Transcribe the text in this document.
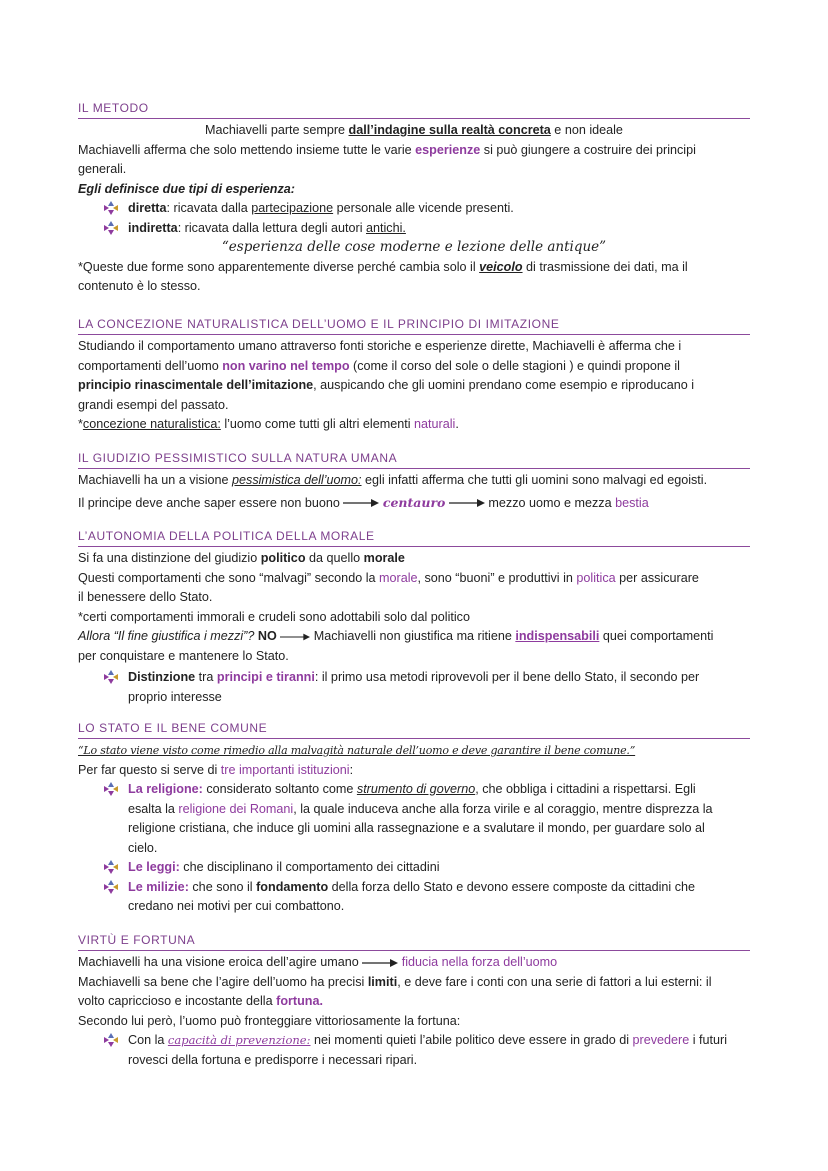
IL METODO
Machiavelli parte sempre dall’indagine sulla realtà concreta e non ideale
Machiavelli afferma che solo mettendo insieme tutte le varie esperienze si può giungere a costruire dei principi
generali.
Egli definisce due tipi di esperienza:
diretta: ricavata dalla partecipazione personale alle vicende presenti.
indiretta: ricavata dalla lettura degli autori antichi.
“esperienza delle cose moderne e lezione delle antique”
*Queste due forme sono apparentemente diverse perché cambia solo il veicolo di trasmissione dei dati, ma il
contenuto è lo stesso.
LA CONCEZIONE NATURALISTICA DELL’UOMO E IL PRINCIPIO DI IMITAZIONE
Studiando il comportamento umano attraverso fonti storiche e esperienze dirette, Machiavelli è afferma che i
comportamenti dell’uomo non varino nel tempo (come il corso del sole o delle stagioni ) e quindi propone il
principio rinascimentale dell’imitazione, auspicando che gli uomini prendano come esempio e riproducano i
grandi esempi del passato.
*concezione naturalistica: l’uomo come tutti gli altri elementi naturali.
IL GIUDIZIO PESSIMISTICO SULLA NATURA UMANA
Machiavelli ha un a visione pessimistica dell’uomo: egli infatti afferma che tutti gli uomini sono malvagi ed egoisti.
Il principe deve anche saper essere non buono	centauro	mezzo uomo e mezza bestia
L’AUTONOMIA DELLA POLITICA DELLA MORALE
Si fa una distinzione del giudizio politico da quello morale
Questi comportamenti che sono “malvagi” secondo la morale, sono “buoni” e produttivi in politica per assicurare
il benessere dello Stato.
*certi comportamenti immorali e crudeli sono adottabili solo dal politico
Allora “Il fine giustifica i mezzi”? NO	Machiavelli non giustifica ma ritiene indispensabili quei comportamenti
per conquistare e mantenere lo Stato.
Distinzione tra principi e tiranni: il primo usa metodi riprovevoli per il bene dello Stato, il secondo per
proprio interesse
LO STATO E IL BENE COMUNE
“Lo stato viene visto come rimedio alla malvagità naturale dell’uomo e deve garantire il bene comune.”
Per far questo si serve di tre importanti istituzioni:
La religione: considerato soltanto come strumento di governo, che obbliga i cittadini a rispettarsi. Egli
esalta la religione dei Romani, la quale induceva anche alla forza virile e al coraggio, mentre disprezza la
religione cristiana, che induce gli uomini alla rassegnazione e a svalutare il mondo, per guardare solo al
cielo.
Le leggi: che disciplinano il comportamento dei cittadini
Le milizie: che sono il fondamento della forza dello Stato e devono essere composte da cittadini che
credano nei motivi per cui combattono.
VIRTÙ E FORTUNA
Machiavelli ha una visione eroica dell’agire umano	fiducia nella forza dell’uomo
Machiavelli sa bene che l’agire dell’uomo ha precisi limiti, e deve fare i conti con una serie di fattori a lui esterni: il
volto capriccioso e incostante della fortuna.
Secondo lui però, l’uomo può fronteggiare vittoriosamente la fortuna:
Con la capacità di prevenzione: nei momenti quieti l’abile politico deve essere in grado di prevedere i futuri
rovesci della fortuna e predisporre i necessari ripari.
